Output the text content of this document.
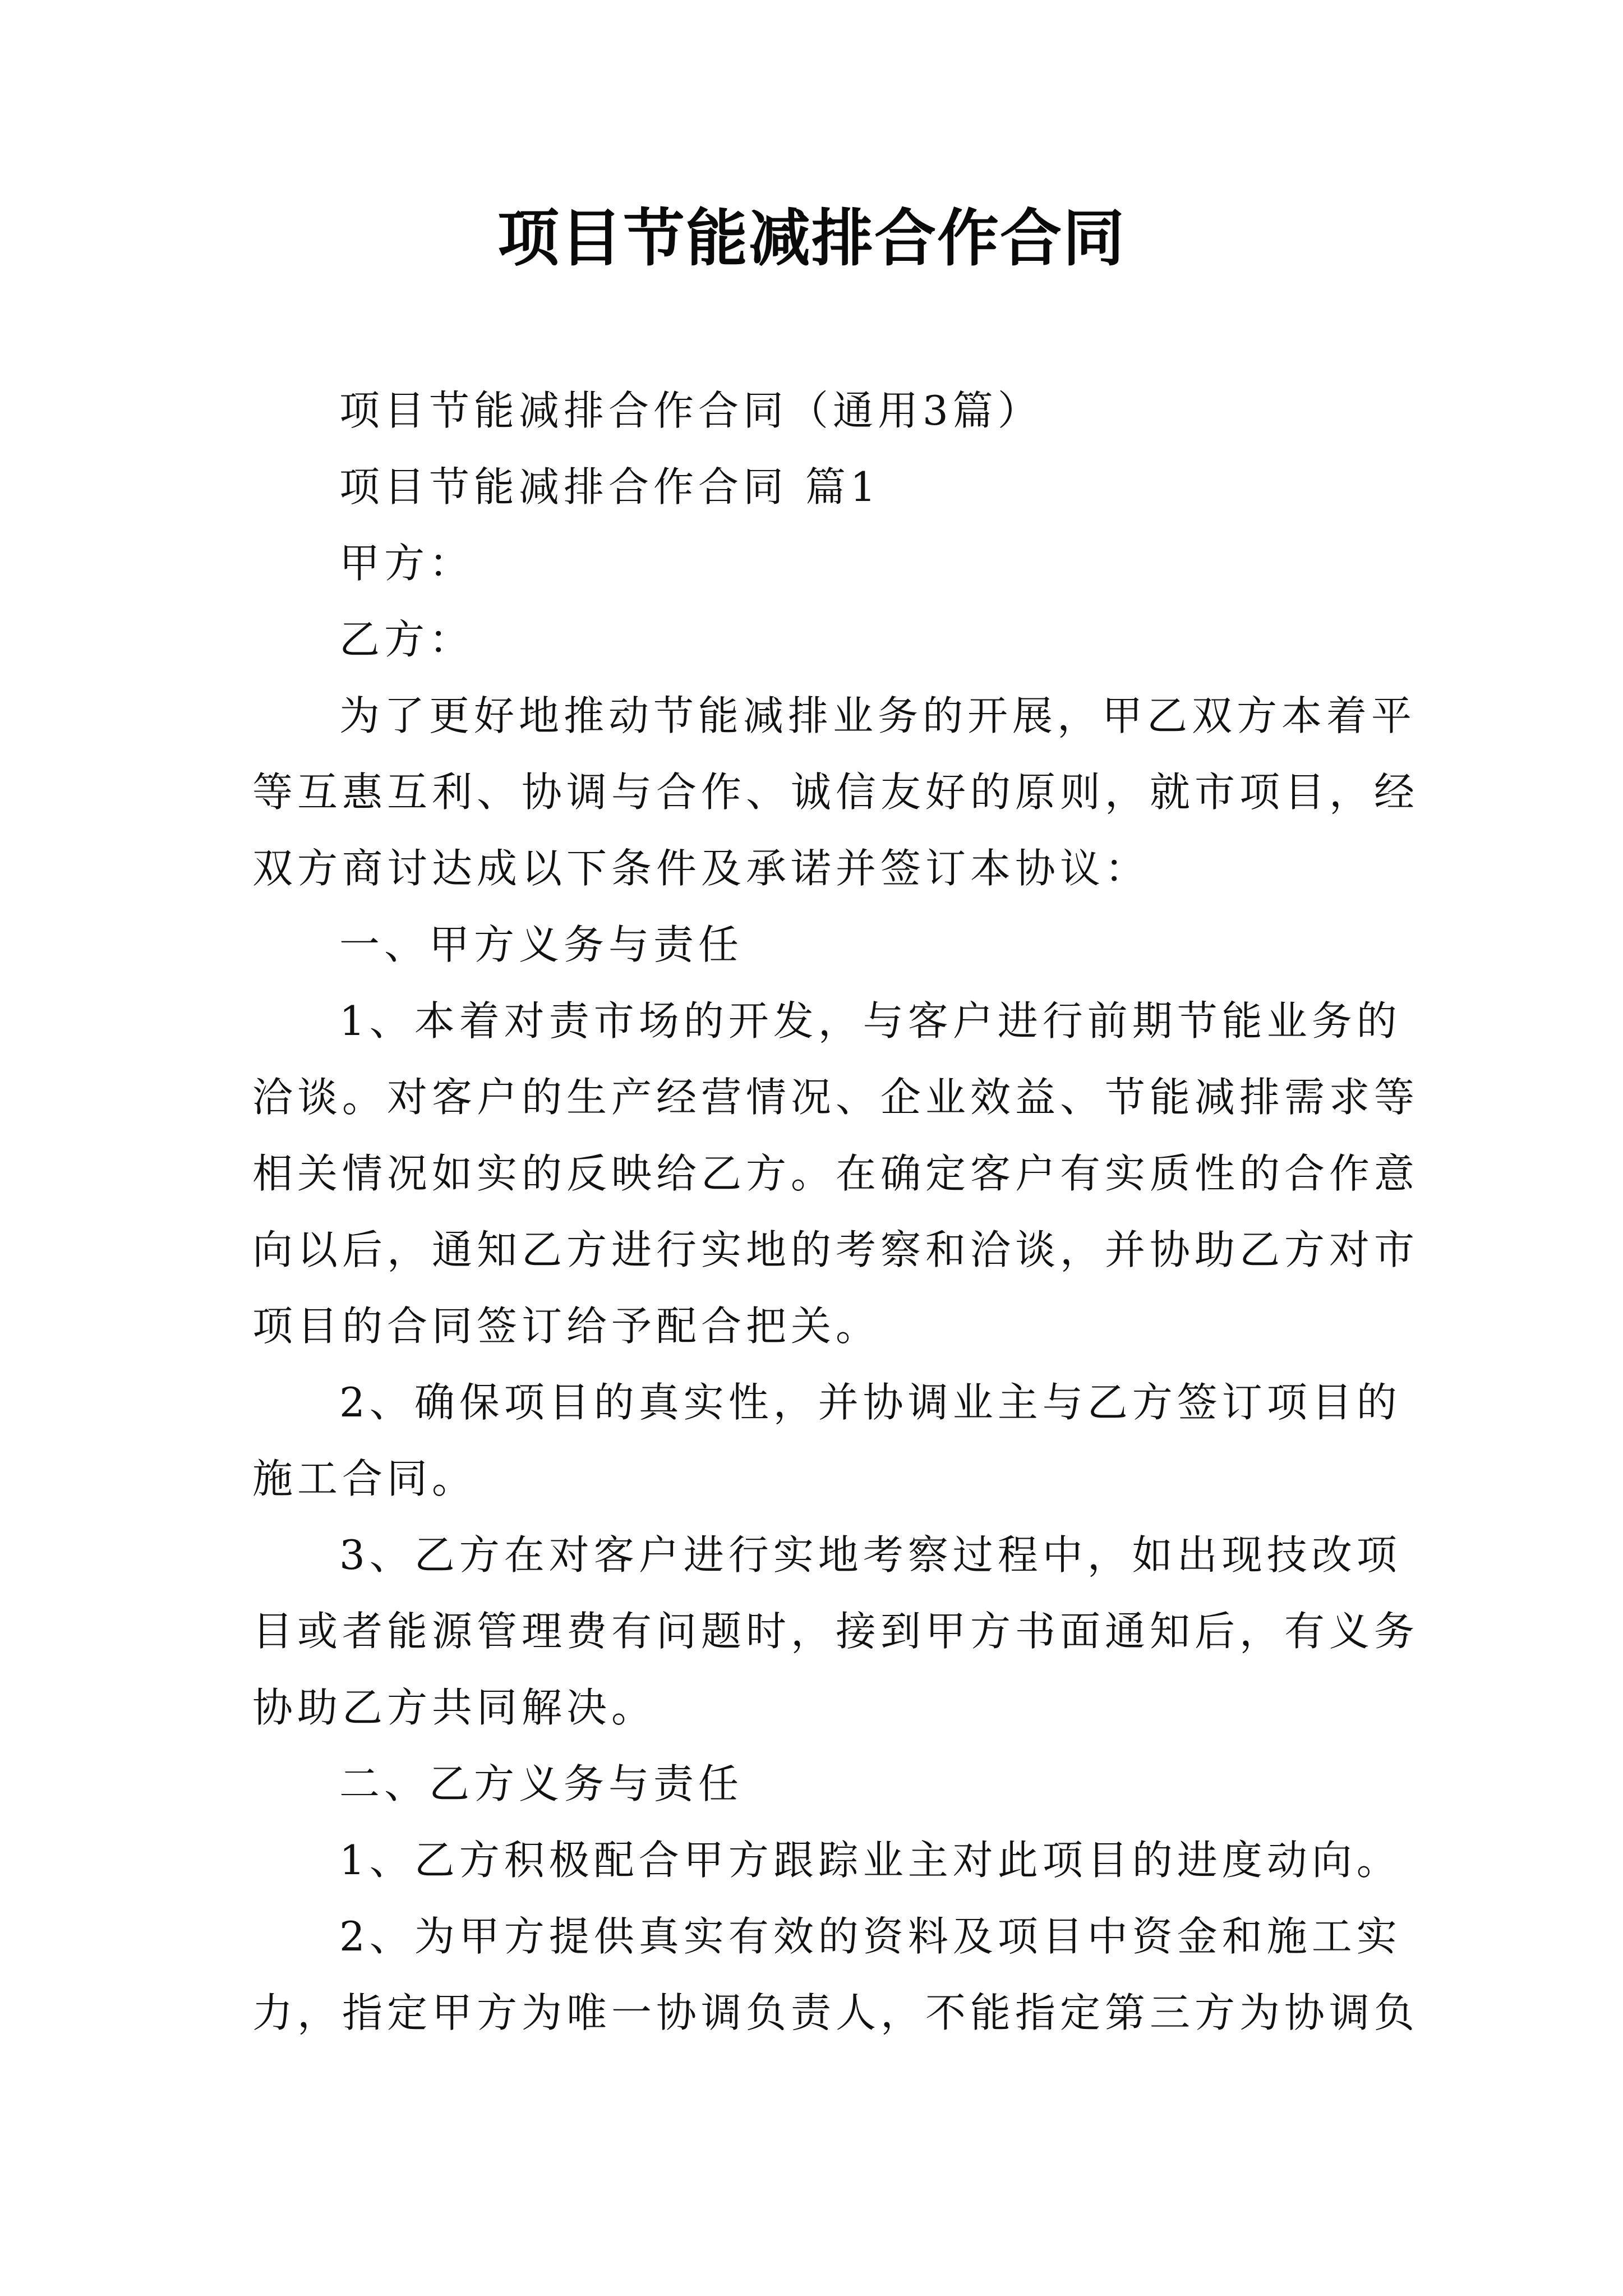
项目节能减排合作合同
项目节能减排合作合同（通用3篇）
项目节能减排合作合同 篇1
甲方：
乙方：
为了更好地推动节能减排业务的开展，甲乙双方本着平
等互惠互利、协调与合作、诚信友好的原则，就市项目，经
双方商讨达成以下条件及承诺并签订本协议：
一、甲方义务与责任
1、本着对责市场的开发，与客户进行前期节能业务的
洽谈。对客户的生产经营情况、企业效益、节能减排需求等
相关情况如实的反映给乙方。在确定客户有实质性的合作意
向以后，通知乙方进行实地的考察和洽谈，并协助乙方对市
项目的合同签订给予配合把关。
2、确保项目的真实性，并协调业主与乙方签订项目的
施工合同。
3、乙方在对客户进行实地考察过程中，如出现技改项
目或者能源管理费有问题时，接到甲方书面通知后，有义务
协助乙方共同解决。
二、乙方义务与责任
1、乙方积极配合甲方跟踪业主对此项目的进度动向。
2、为甲方提供真实有效的资料及项目中资金和施工实
力，指定甲方为唯一协调负责人，不能指定第三方为协调负
